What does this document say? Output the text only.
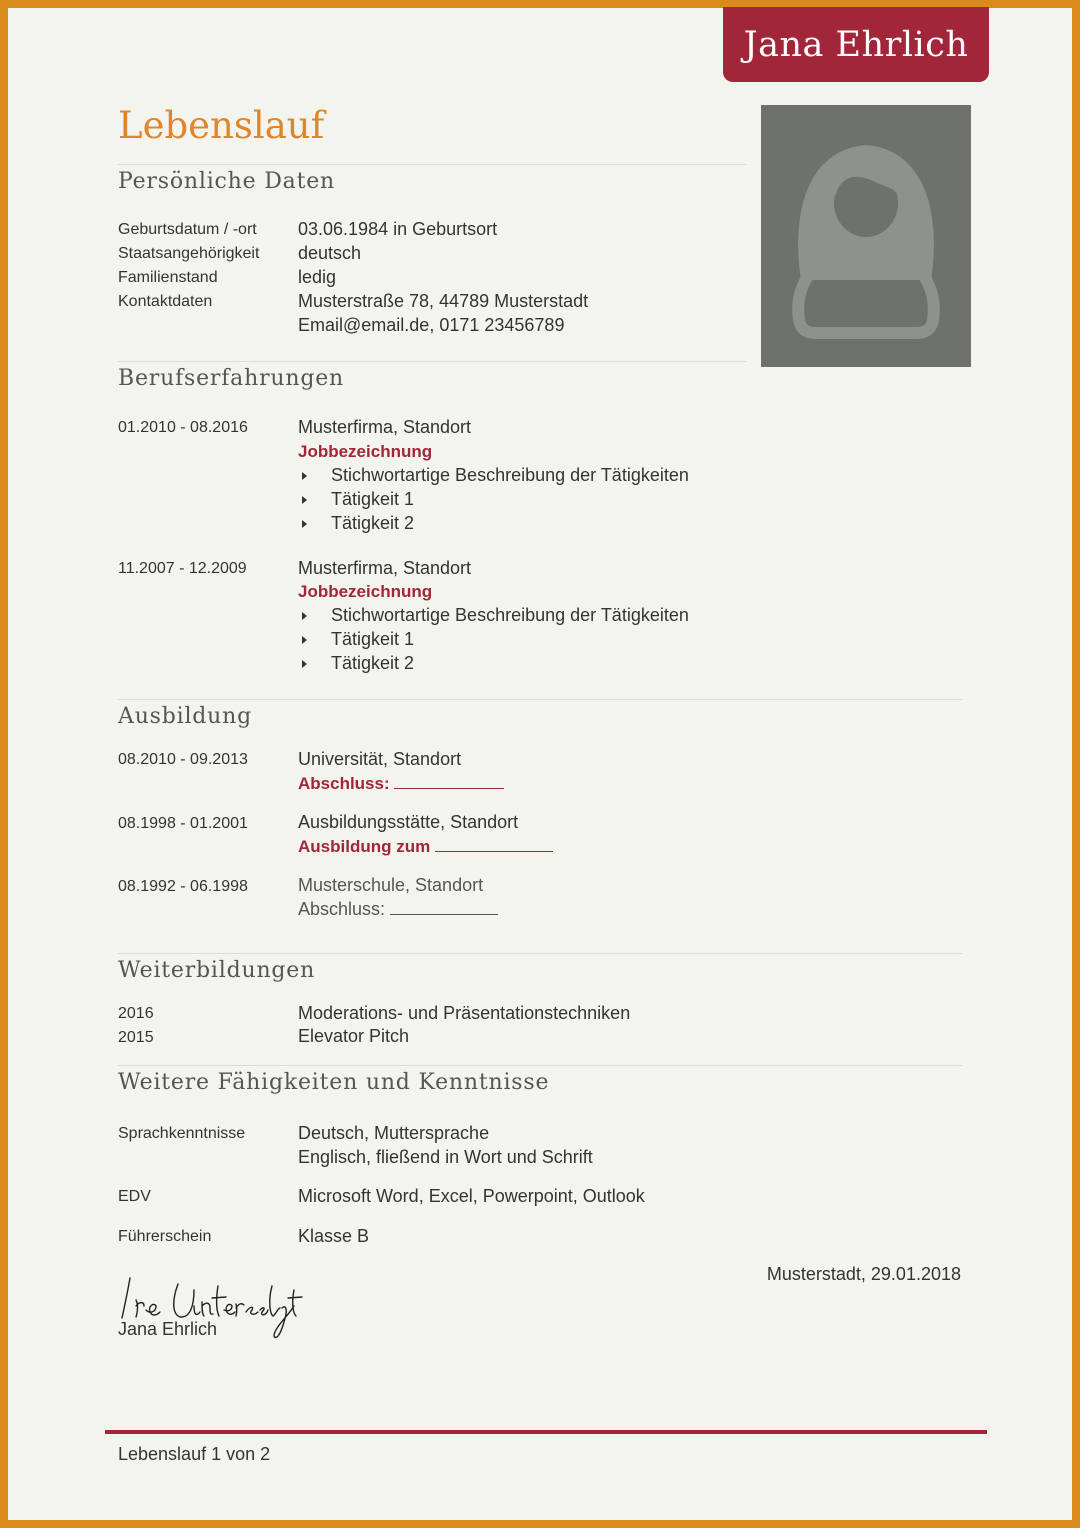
Jana Ehrlich
Lebenslauf
Persönliche Daten
Geburtsdatum / -ort 03.06.1984 in Geburtsort
Staatsangehörigkeit deutsch
Familienstand	ledig
Kontaktdaten	Musterstraße 78, 44789 Musterstadt
Email@email.de, 0171 23456789
Berufserfahrungen
01.2010 - 08.2016	Musterfirma, Standort
Jobbezeichnung
Stichwortartige Beschreibung der Tätigkeiten
Tätigkeit 1
Tätigkeit 2
11.2007 - 12.2009	Musterfirma, Standort
Jobbezeichnung
Stichwortartige Beschreibung der Tätigkeiten
Tätigkeit 1
Tätigkeit 2
Ausbildung
08.2010 - 09.2013	Universität, Standort
Abschluss:
08.1998 - 01.2001	Ausbildungsstätte, Standort
Ausbildung zum
08.1992 - 06.1998	Musterschule, Standort
Abschluss:
Weiterbildungen
2016	Moderations- und Präsentationstechniken
2015	Elevator Pitch
Weitere Fähigkeiten und Kenntnisse
Sprachkenntnisse	Deutsch, Muttersprache
Englisch, fließend in Wort und Schrift
EDV	Microsoft Word, Excel, Powerpoint, Outlook
Führerschein	Klasse B
Musterstadt, 29.01.2018
Jana Ehrlich
Lebenslauf 1 von 2
